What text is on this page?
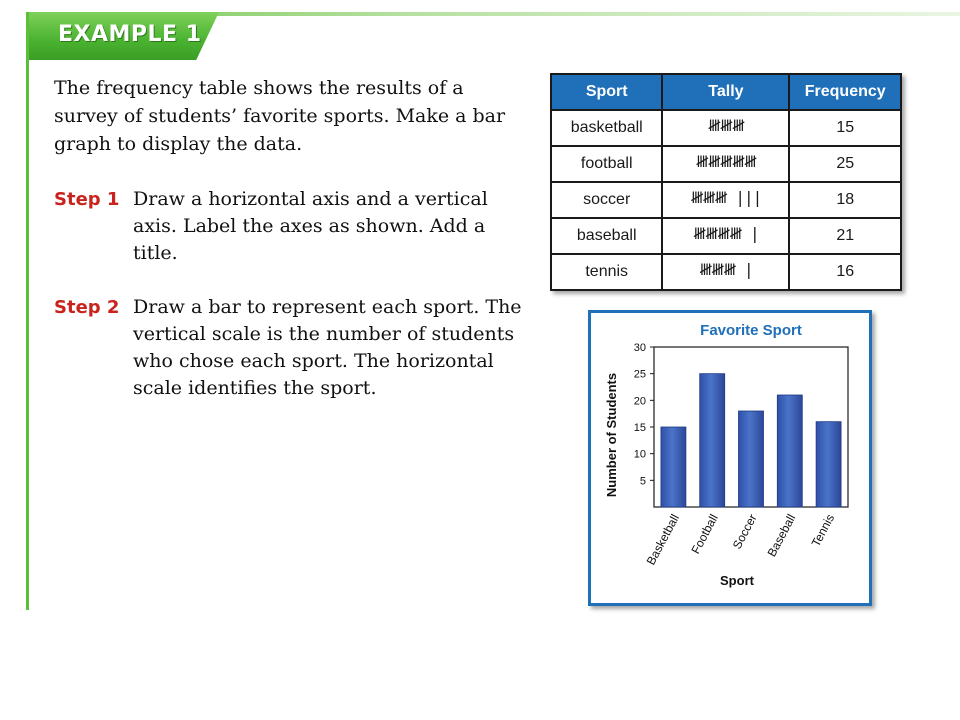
EXAMPLE 1
The frequency table shows the results of a survey of students’ favorite sports. Make a bar graph to display the data.
Step 1 Draw a horizontal axis and a vertical axis. Label the axes as shown. Add a title.
Step 2 Draw a bar to represent each sport. The vertical scale is the number of students who chose each sport. The horizontal scale identifies the sport.
Sport	Tally	Frequency
basketball	𝍸𝍸𝍸	15
football	𝍸𝍸𝍸𝍸𝍸	25
soccer	𝍸𝍸𝍸 |||	18
baseball	𝍸𝍸𝍸𝍸 |	21
tennis	𝍸𝍸𝍸 |	16
Favorite Sport
5
10
15
20
25
30
Number of Students
Basketball Football Soccer Baseball Tennis
Sport
